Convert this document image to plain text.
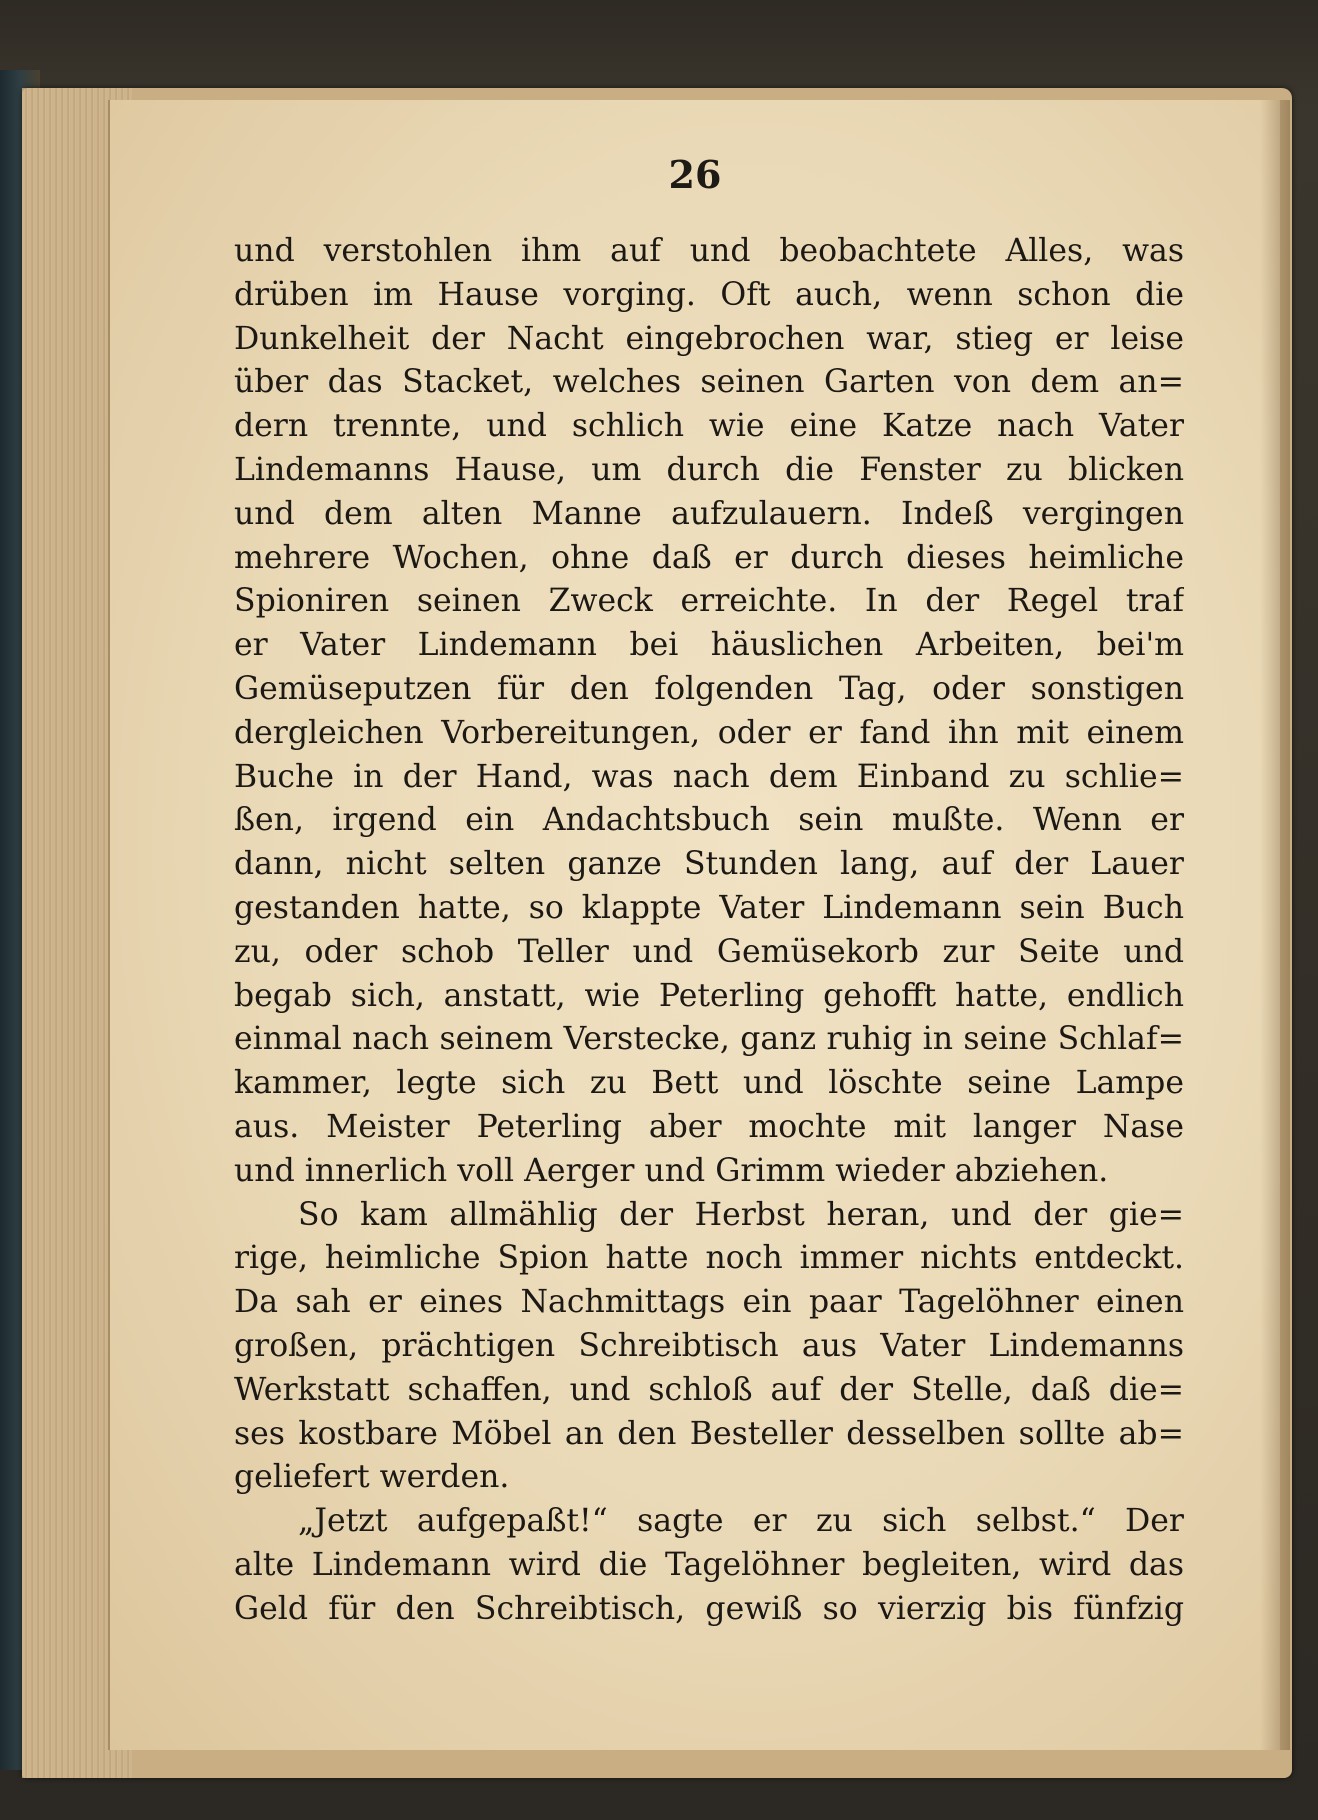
26
und verstohlen ihm auf und beobachtete Alles, was
drüben im Hause vorging. Oft auch, wenn schon die
Dunkelheit der Nacht eingebrochen war, stieg er leise
über das Stacket, welches seinen Garten von dem an=
dern trennte, und schlich wie eine Katze nach Vater
Lindemanns Hause, um durch die Fenster zu blicken
und dem alten Manne aufzulauern. Indeß vergingen
mehrere Wochen, ohne daß er durch dieses heimliche
Spioniren seinen Zweck erreichte. In der Regel traf
er Vater Lindemann bei häuslichen Arbeiten, bei'm
Gemüseputzen für den folgenden Tag, oder sonstigen
dergleichen Vorbereitungen, oder er fand ihn mit einem
Buche in der Hand, was nach dem Einband zu schlie=
ßen, irgend ein Andachtsbuch sein mußte. Wenn er
dann, nicht selten ganze Stunden lang, auf der Lauer
gestanden hatte, so klappte Vater Lindemann sein Buch
zu, oder schob Teller und Gemüsekorb zur Seite und
begab sich, anstatt, wie Peterling gehofft hatte, endlich
einmal nach seinem Verstecke, ganz ruhig in seine Schlaf=
kammer, legte sich zu Bett und löschte seine Lampe
aus. Meister Peterling aber mochte mit langer Nase
und innerlich voll Aerger und Grimm wieder abziehen.
So kam allmählig der Herbst heran, und der gie=
rige, heimliche Spion hatte noch immer nichts entdeckt.
Da sah er eines Nachmittags ein paar Tagelöhner einen
großen, prächtigen Schreibtisch aus Vater Lindemanns
Werkstatt schaffen, und schloß auf der Stelle, daß die=
ses kostbare Möbel an den Besteller desselben sollte ab=
geliefert werden.
„Jetzt aufgepaßt!“ sagte er zu sich selbst.“ Der
alte Lindemann wird die Tagelöhner begleiten, wird das
Geld für den Schreibtisch, gewiß so vierzig bis fünfzig
